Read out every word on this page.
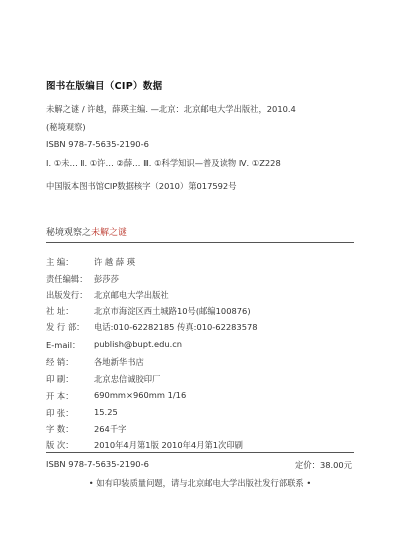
图书在版编目（CIP）数据
未解之谜 / 许越，薛瑛主编. —北京：北京邮电大学出版社，2010.4
(秘境观察)
ISBN 978-7-5635-2190-6
Ⅰ. ①未… Ⅱ. ①许… ②薛… Ⅲ. ①科学知识—普及读物 Ⅳ. ①Z228
中国版本图书馆CIP数据核字（2010）第017592号
秘境观察之未解之谜
主 编： 许 越 薛 瑛
责任编辑： 彭莎莎
出版发行： 北京邮电大学出版社
社 址： 北京市海淀区西土城路10号(邮编100876)
发 行 部： 电话:010-62282185 传真:010-62283578
E-mail： publish@bupt.edu.cn
经 销： 各地新华书店
印 刷： 北京忠信诚胶印厂
开 本： 690mm×960mm 1/16
印 张： 15.25
字 数： 264千字
版 次： 2010年4月第1版 2010年4月第1次印刷
ISBN 978-7-5635-2190-6	定价：38.00元
• 如有印装质量问题，请与北京邮电大学出版社发行部联系 •
